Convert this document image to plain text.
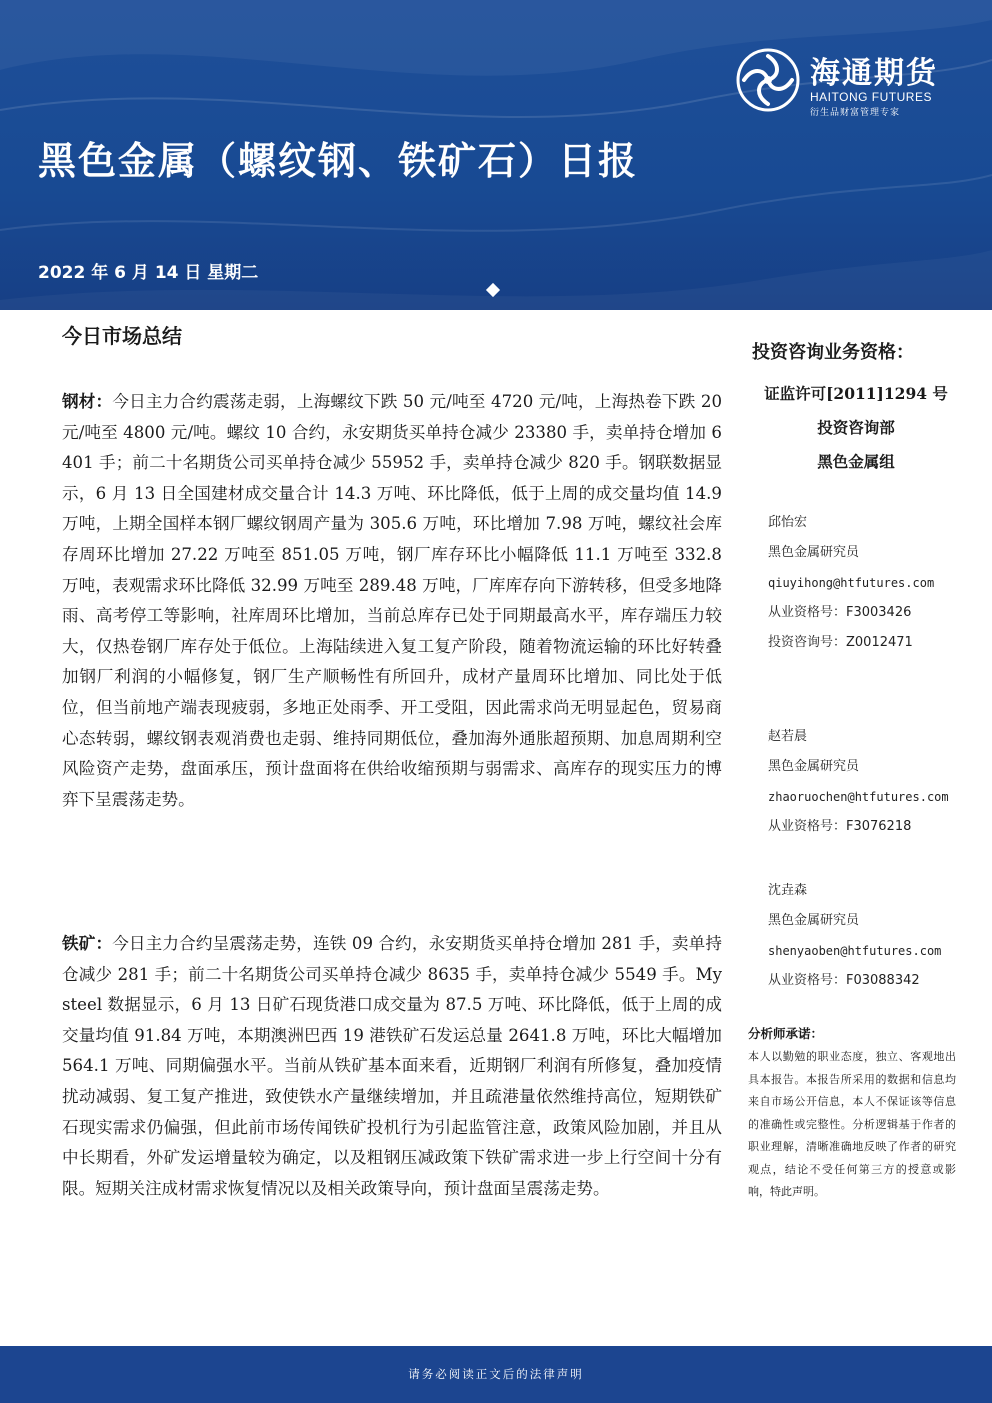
海通期货
HAITONG FUTURES
衍生品财富管理专家
黑色金属（螺纹钢、铁矿石）日报
2022 年 6 月 14 日 星期二
今日市场总结
钢材：今日主力合约震荡走弱，上海螺纹下跌 50 元/吨至 4720 元/吨，上海热卷下跌 20 元/吨至 4800 元/吨。螺纹 10 合约，永安期货买单持仓减少 23380 手，卖单持仓增加 6401 手；前二十名期货公司买单持仓减少 55952 手，卖单持仓减少 820 手。钢联数据显示，6 月 13 日全国建材成交量合计 14.3 万吨、环比降低，低于上周的成交量均值 14.9 万吨，上期全国样本钢厂螺纹钢周产量为 305.6 万吨，环比增加 7.98 万吨，螺纹社会库存周环比增加 27.22 万吨至 851.05 万吨，钢厂库存环比小幅降低 11.1 万吨至 332.8 万吨，表观需求环比降低 32.99 万吨至 289.48 万吨，厂库库存向下游转移，但受多地降雨、高考停工等影响，社库周环比增加，当前总库存已处于同期最高水平，库存端压力较大，仅热卷钢厂库存处于低位。上海陆续进入复工复产阶段，随着物流运输的环比好转叠加钢厂利润的小幅修复，钢厂生产顺畅性有所回升，成材产量周环比增加、同比处于低位，但当前地产端表现疲弱，多地正处雨季、开工受阻，因此需求尚无明显起色，贸易商心态转弱，螺纹钢表观消费也走弱、维持同期低位，叠加海外通胀超预期、加息周期利空风险资产走势，盘面承压，预计盘面将在供给收缩预期与弱需求、高库存的现实压力的博弈下呈震荡走势。
铁矿：今日主力合约呈震荡走势，连铁 09 合约，永安期货买单持仓增加 281 手，卖单持仓减少 281 手；前二十名期货公司买单持仓减少 8635 手，卖单持仓减少 5549 手。Mysteel 数据显示，6 月 13 日矿石现货港口成交量为 87.5 万吨、环比降低，低于上周的成交量均值 91.84 万吨，本期澳洲巴西 19 港铁矿石发运总量 2641.8 万吨，环比大幅增加 564.1 万吨、同期偏强水平。当前从铁矿基本面来看，近期钢厂利润有所修复，叠加疫情扰动减弱、复工复产推进，致使铁水产量继续增加，并且疏港量依然维持高位，短期铁矿石现实需求仍偏强，但此前市场传闻铁矿投机行为引起监管注意，政策风险加剧，并且从中长期看，外矿发运增量较为确定，以及粗钢压减政策下铁矿需求进一步上行空间十分有限。短期关注成材需求恢复情况以及相关政策导向，预计盘面呈震荡走势。
投资咨询业务资格：
证监许可[2011]1294 号
投资咨询部
黑色金属组
邱怡宏
黑色金属研究员
qiuyihong@htfutures.com
从业资格号：F3003426
投资咨询号：Z0012471
赵若晨
黑色金属研究员
zhaoruochen@htfutures.com
从业资格号：F3076218
沈垚森
黑色金属研究员
shenyaoben@htfutures.com
从业资格号：F03088342
分析师承诺：
本人以勤勉的职业态度，独立、客观地出具本报告。本报告所采用的数据和信息均来自市场公开信息，本人不保证该等信息的准确性或完整性。分析逻辑基于作者的职业理解，清晰准确地反映了作者的研究观点，结论不受任何第三方的授意或影响，特此声明。
请务必阅读正文后的法律声明
